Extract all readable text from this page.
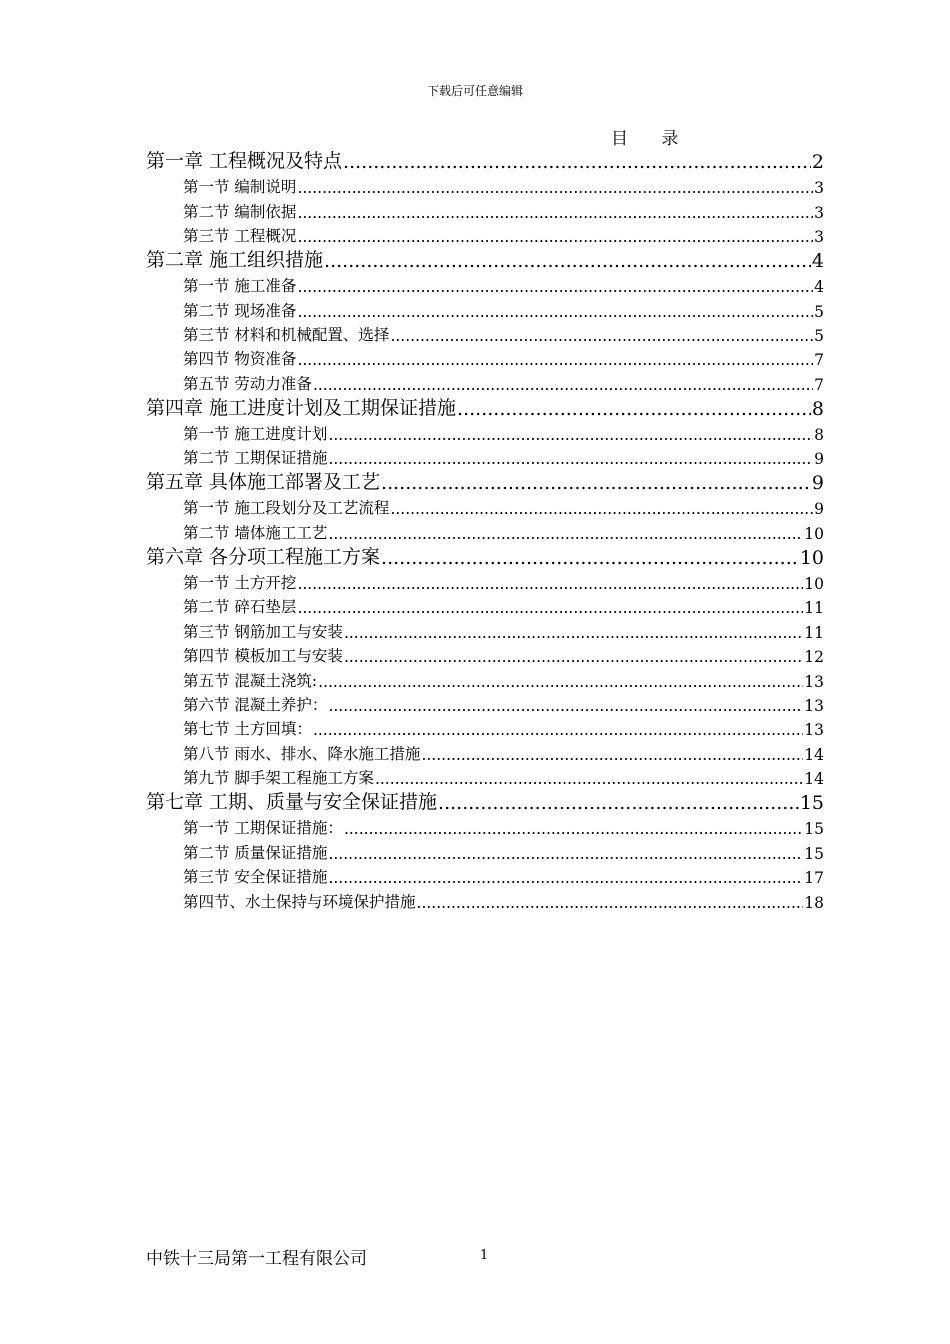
下载后可任意编辑
目 录
第一章 工程概况及特点 .....	2
第一节 编制说明 .....	3
第二节 编制依据 .....	3
第三节 工程概况 .....	3
第二章 施工组织措施 .....	4
第一节 施工准备 .....	4
第二节 现场准备 .....	5
第三节 材料和机械配置、选择 .....	5
第四节 物资准备 .....	7
第五节 劳动力准备 .....	7
第四章 施工进度计划及工期保证措施 .....	8
第一节 施工进度计划 .....	8
第二节 工期保证措施 .....	9
第五章 具体施工部署及工艺 .....	9
第一节 施工段划分及工艺流程 .....	9
第二节 墙体施工工艺 .....	10
第六章 各分项工程施工方案 .....	10
第一节 土方开挖 .....	10
第二节 碎石垫层 .....	11
第三节 钢筋加工与安装 .....	11
第四节 模板加工与安装 .....	12
第五节 混凝土浇筑: .....	13
第六节 混凝土养护： .....	13
第七节 土方回填： .....	13
第八节 雨水、排水、降水施工措施 .....	14
第九节 脚手架工程施工方案 .....	14
第七章 工期、质量与安全保证措施 .....	15
第一节 工期保证措施： .....	15
第二节 质量保证措施 .....	15
第三节 安全保证措施 .....	17
第四节、水土保持与环境保护措施 .....	18
中铁十三局第一工程有限公司	1
